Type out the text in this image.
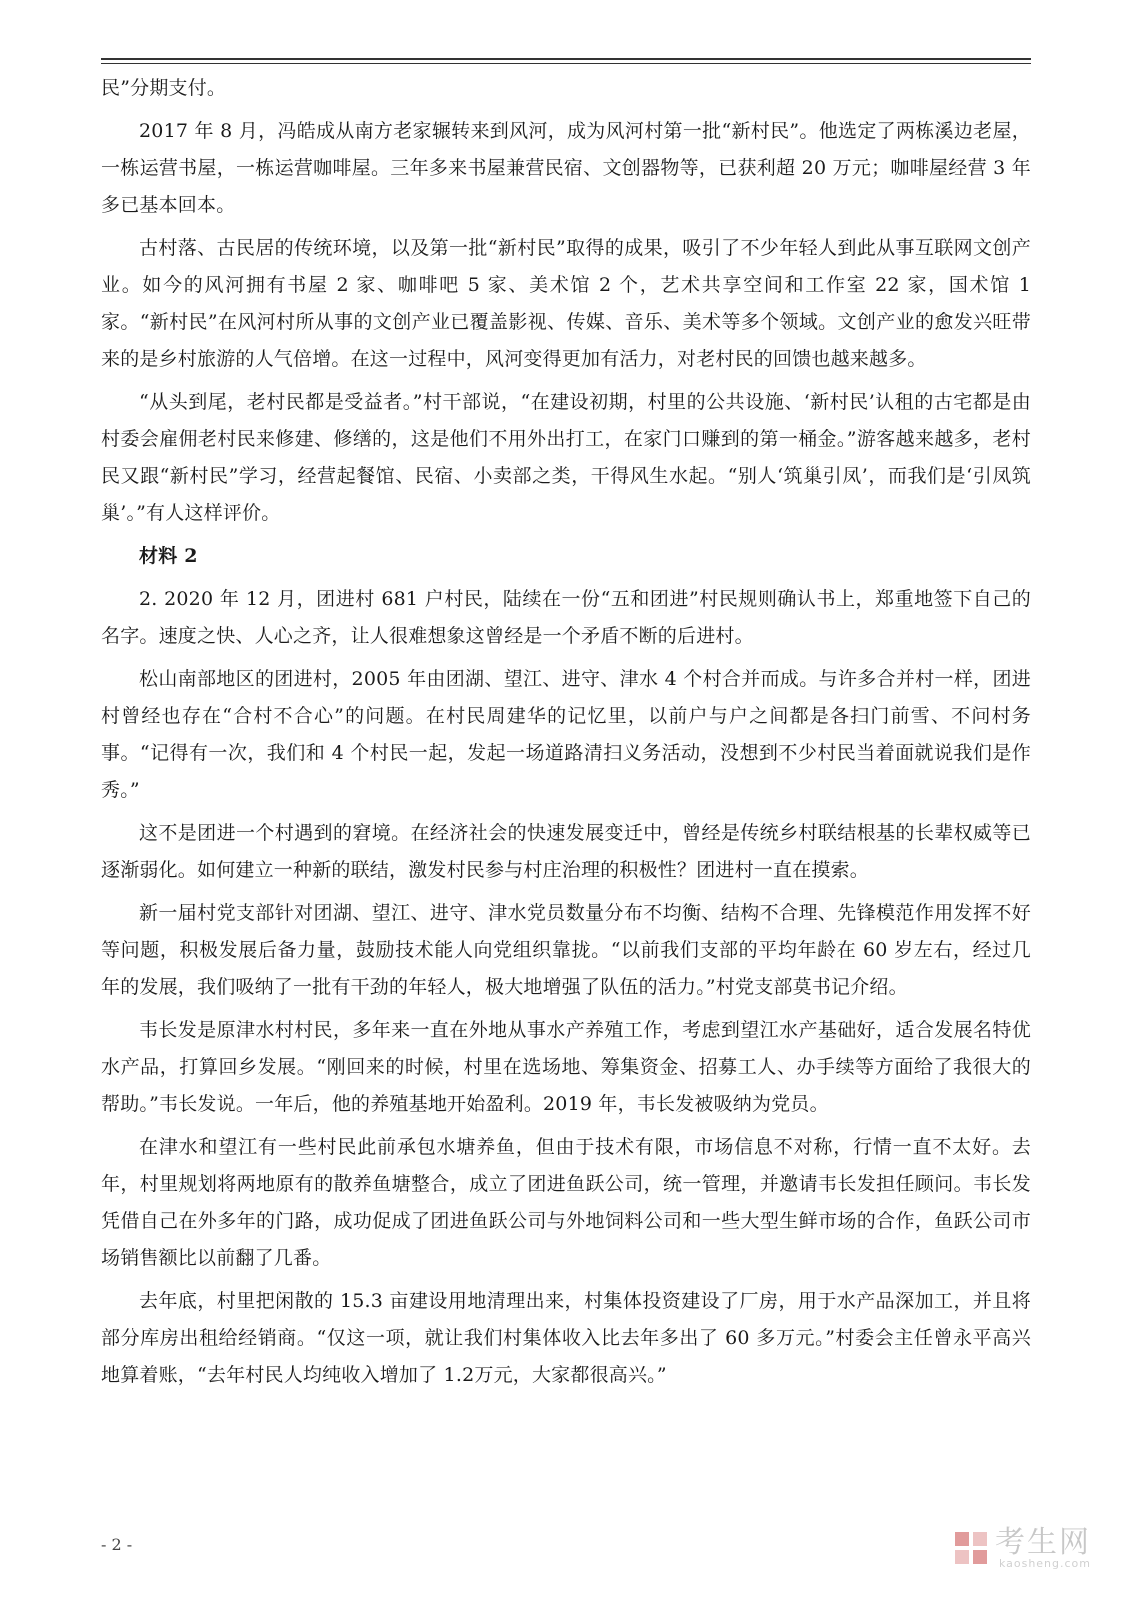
民”分期支付。

2017 年 8 月，冯皓成从南方老家辗转来到风河，成为风河村第一批“新村民”。他选定了两栋溪边老屋，一栋运营书屋，一栋运营咖啡屋。三年多来书屋兼营民宿、文创器物等，已获利超 20 万元；咖啡屋经营 3 年多已基本回本。

古村落、古民居的传统环境，以及第一批“新村民”取得的成果，吸引了不少年轻人到此从事互联网文创产业。如今的风河拥有书屋 2 家、咖啡吧 5 家、美术馆 2 个，艺术共享空间和工作室 22 家，国术馆 1 家。“新村民”在风河村所从事的文创产业已覆盖影视、传媒、音乐、美术等多个领域。文创产业的愈发兴旺带来的是乡村旅游的人气倍增。在这一过程中，风河变得更加有活力，对老村民的回馈也越来越多。

“从头到尾，老村民都是受益者。”村干部说，“在建设初期，村里的公共设施、‘新村民’认租的古宅都是由村委会雇佣老村民来修建、修缮的，这是他们不用外出打工，在家门口赚到的第一桶金。”游客越来越多，老村民又跟“新村民”学习，经营起餐馆、民宿、小卖部之类，干得风生水起。“别人‘筑巢引凤’，而我们是‘引凤筑巢’。”有人这样评价。

材料 2

2. 2020 年 12 月，团进村 681 户村民，陆续在一份“五和团进”村民规则确认书上，郑重地签下自己的名字。速度之快、人心之齐，让人很难想象这曾经是一个矛盾不断的后进村。

松山南部地区的团进村，2005 年由团湖、望江、进守、津水 4 个村合并而成。与许多合并村一样，团进村曾经也存在“合村不合心”的问题。在村民周建华的记忆里，以前户与户之间都是各扫门前雪、不问村务事。“记得有一次，我们和 4 个村民一起，发起一场道路清扫义务活动，没想到不少村民当着面就说我们是作秀。”

这不是团进一个村遇到的窘境。在经济社会的快速发展变迁中，曾经是传统乡村联结根基的长辈权威等已逐渐弱化。如何建立一种新的联结，激发村民参与村庄治理的积极性？团进村一直在摸索。

新一届村党支部针对团湖、望江、进守、津水党员数量分布不均衡、结构不合理、先锋模范作用发挥不好等问题，积极发展后备力量，鼓励技术能人向党组织靠拢。“以前我们支部的平均年龄在 60 岁左右，经过几年的发展，我们吸纳了一批有干劲的年轻人，极大地增强了队伍的活力。”村党支部莫书记介绍。

韦长发是原津水村村民，多年来一直在外地从事水产养殖工作，考虑到望江水产基础好，适合发展名特优水产品，打算回乡发展。“刚回来的时候，村里在选场地、筹集资金、招募工人、办手续等方面给了我很大的帮助。”韦长发说。一年后，他的养殖基地开始盈利。2019 年，韦长发被吸纳为党员。

在津水和望江有一些村民此前承包水塘养鱼，但由于技术有限，市场信息不对称，行情一直不太好。去年，村里规划将两地原有的散养鱼塘整合，成立了团进鱼跃公司，统一管理，并邀请韦长发担任顾问。韦长发凭借自己在外多年的门路，成功促成了团进鱼跃公司与外地饲料公司和一些大型生鲜市场的合作，鱼跃公司市场销售额比以前翻了几番。

去年底，村里把闲散的 15.3 亩建设用地清理出来，村集体投资建设了厂房，用于水产品深加工，并且将部分库房出租给经销商。“仅这一项，就让我们村集体收入比去年多出了 60 多万元。”村委会主任曾永平高兴地算着账，“去年村民人均纯收入增加了 1.2万元，大家都很高兴。”

- 2 -	考生网
kaosheng.com
